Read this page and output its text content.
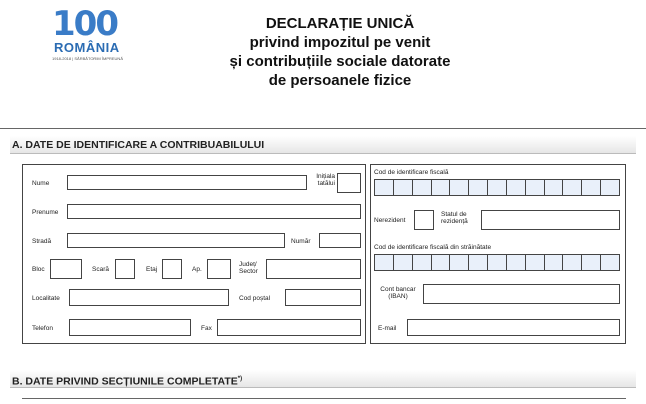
100
ROMÂNIA
1918-2018 | SĂRBĂTORIM ÎMPREUNĂ
DECLARAȚIE UNICĂ
privind impozitul pe venit
și contribuțiile sociale datorate
de persoanele fizice
A. DATE DE IDENTIFICARE A CONTRIBUABILULUI
Nume
Inițiala
tatălui
Prenume
Stradă	Număr
Bloc	Scară	Etaj	Ap.
Județ/
Sector
Localitate	Cod poștal
Telefon	Fax
Cod de identificare fiscală
Nerezident
Statul de
rezidență
Cod de identificare fiscală din străinătate
Cont bancar
(IBAN)
E-mail
B. DATE PRIVIND SECȚIUNILE COMPLETATE*)
